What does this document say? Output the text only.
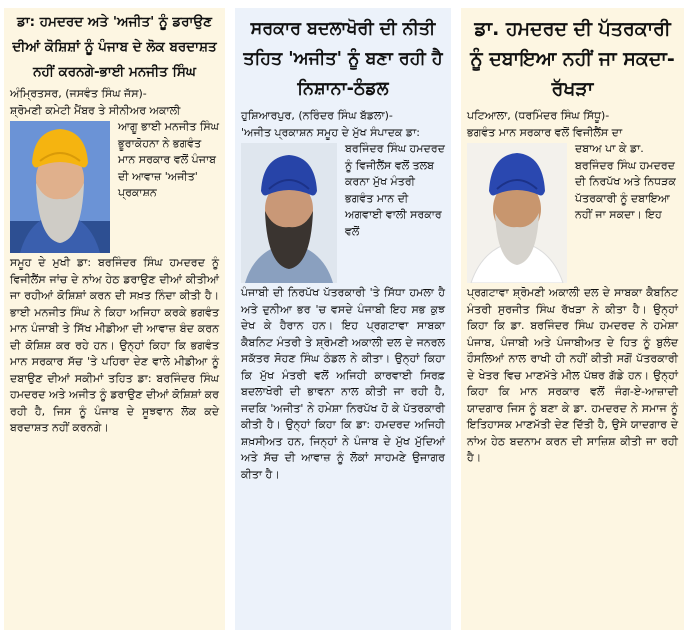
ਡਾ: ਹਮਦਰਦ ਅਤੇ 'ਅਜੀਤ' ਨੂੰ ਡਰਾਉਣ ਦੀਆਂ ਕੋਸ਼ਿਸ਼ਾਂ ਨੂੰ ਪੰਜਾਬ ਦੇ ਲੋਕ ਬਰਦਾਸ਼ਤ ਨਹੀਂ ਕਰਨਗੇ-ਭਾਈ ਮਨਜੀਤ ਸਿੰਘ
ਅੰਮ੍ਰਿਤਸਰ, (ਜਸਵੰਤ ਸਿੰਘ ਜੱਸ)-
ਸ਼੍ਰੋਮਣੀ ਕਮੇਟੀ ਮੈਂਬਰ ਤੇ ਸੀਨੀਅਰ ਅਕਾਲੀ
ਆਗੂ ਭਾਈ ਮਨਜੀਤ ਸਿੰਘ ਭੂਰਾਕੋਹਨਾ ਨੇ ਭਗਵੰਤ ਮਾਨ ਸਰਕਾਰ ਵਲੋਂ ਪੰਜਾਬ ਦੀ ਆਵਾਜ਼ 'ਅਜੀਤ' ਪ੍ਰਕਾਸ਼ਨ
ਸਮੂਹ ਦੇ ਮੁਖੀ ਡਾ: ਬਰਜਿੰਦਰ ਸਿੰਘ ਹਮਦਰਦ ਨੂੰ ਵਿਜੀਲੈਂਸ ਜਾਂਚ ਦੇ ਨਾਂਅ ਹੇਠ ਡਰਾਉਣ ਦੀਆਂ ਕੀਤੀਆਂ ਜਾ ਰਹੀਆਂ ਕੋਸ਼ਿਸ਼ਾਂ ਕਰਨ ਦੀ ਸਖ਼ਤ ਨਿੰਦਾ ਕੀਤੀ ਹੈ। ਭਾਈ ਮਨਜੀਤ ਸਿੰਘ ਨੇ ਕਿਹਾ ਅਜਿਹਾ ਕਰਕੇ ਭਗਵੰਤ ਮਾਨ ਪੰਜਾਬੀ ਤੇ ਸਿੱਖ ਮੀਡੀਆ ਦੀ ਆਵਾਜ਼ ਬੰਦ ਕਰਨ ਦੀ ਕੋਸ਼ਿਸ਼ ਕਰ ਰਹੇ ਹਨ। ਉਨ੍ਹਾਂ ਕਿਹਾ ਕਿ ਭਗਵੰਤ ਮਾਨ ਸਰਕਾਰ ਸੱਚ 'ਤੇ ਪਹਿਰਾ ਦੇਣ ਵਾਲੇ ਮੀਡੀਆ ਨੂੰ ਦਬਾਉਣ ਦੀਆਂ ਸਕੀਮਾਂ ਤਹਿਤ ਡਾ: ਬਰਜਿੰਦਰ ਸਿੰਘ ਹਮਦਰਦ ਅਤੇ ਅਜੀਤ ਨੂੰ ਡਰਾਉਣ ਦੀਆਂ ਕੋਸ਼ਿਸ਼ਾਂ ਕਰ ਰਹੀ ਹੈ, ਜਿਸ ਨੂੰ ਪੰਜਾਬ ਦੇ ਸੂਝਵਾਨ ਲੋਕ ਕਦੇ ਬਰਦਾਸ਼ਤ ਨਹੀਂ ਕਰਨਗੇ।
ਸਰਕਾਰ ਬਦਲਾਖੋਰੀ ਦੀ ਨੀਤੀ ਤਹਿਤ 'ਅਜੀਤ' ਨੂੰ ਬਣਾ ਰਹੀ ਹੈ ਨਿਸ਼ਾਨਾ-ਠੰਡਲ
ਹੁਸ਼ਿਆਰਪੁਰ, (ਨਰਿੰਦਰ ਸਿੰਘ ਬੱਡਲਾ)-
'ਅਜੀਤ ਪ੍ਰਕਾਸ਼ਨ ਸਮੂਹ ਦੇ ਮੁੱਖ ਸੰਪਾਦਕ ਡਾ:
ਬਰਜਿੰਦਰ ਸਿੰਘ ਹਮਦਰਦ ਨੂੰ ਵਿਜੀਲੈਂਸ ਵਲੋਂ ਤਲਬ ਕਰਨਾ ਮੁੱਖ ਮੰਤਰੀ ਭਗਵੰਤ ਮਾਨ ਦੀ ਅਗਵਾਈ ਵਾਲੀ ਸਰਕਾਰ ਵਲੋਂ
ਪੰਜਾਬੀ ਦੀ ਨਿਰਪੱਖ ਪੱਤਰਕਾਰੀ 'ਤੇ ਸਿੱਧਾ ਹਮਲਾ ਹੈ ਅਤੇ ਦੁਨੀਆ ਭਰ 'ਚ ਵਸਦੇ ਪੰਜਾਬੀ ਇਹ ਸਭ ਕੁਝ ਦੇਖ ਕੇ ਹੈਰਾਨ ਹਨ। ਇਹ ਪ੍ਰਗਟਾਵਾ ਸਾਬਕਾ ਕੈਬਨਿਟ ਮੰਤਰੀ ਤੇ ਸ਼੍ਰੋਮਣੀ ਅਕਾਲੀ ਦਲ ਦੇ ਜਨਰਲ ਸਕੱਤਰ ਸੋਹਣ ਸਿੰਘ ਠੰਡਲ ਨੇ ਕੀਤਾ। ਉਨ੍ਹਾਂ ਕਿਹਾ ਕਿ ਮੁੱਖ ਮੰਤਰੀ ਵਲੋਂ ਅਜਿਹੀ ਕਾਰਵਾਈ ਸਿਰਫ਼ ਬਦਲਾਖੋਰੀ ਦੀ ਭਾਵਨਾ ਨਾਲ ਕੀਤੀ ਜਾ ਰਹੀ ਹੈ, ਜਦਕਿ 'ਅਜੀਤ' ਨੇ ਹਮੇਸ਼ਾ ਨਿਰਪੱਖ ਹੋ ਕੇ ਪੱਤਰਕਾਰੀ ਕੀਤੀ ਹੈ। ਉਨ੍ਹਾਂ ਕਿਹਾ ਕਿ ਡਾ: ਹਮਦਰਦ ਅਜਿਹੀ ਸ਼ਖ਼ਸੀਅਤ ਹਨ, ਜਿਨ੍ਹਾਂ ਨੇ ਪੰਜਾਬ ਦੇ ਮੁੱਖ ਮੁੱਦਿਆਂ ਅਤੇ ਸੱਚ ਦੀ ਆਵਾਜ਼ ਨੂੰ ਲੋਕਾਂ ਸਾਹਮਣੇ ਉਜਾਗਰ ਕੀਤਾ ਹੈ।
ਡਾ. ਹਮਦਰਦ ਦੀ ਪੱਤਰਕਾਰੀ ਨੂੰ ਦਬਾਇਆ ਨਹੀਂ ਜਾ ਸਕਦਾ-ਰੱਖੜਾ
ਪਟਿਆਲਾ, (ਧਰਮਿੰਦਰ ਸਿੰਘ ਸਿੱਧੂ)-
ਭਗਵੰਤ ਮਾਨ ਸਰਕਾਰ ਵਲੋਂ ਵਿਜੀਲੈਂਸ ਦਾ
ਦਬਾਅ ਪਾ ਕੇ ਡਾ. ਬਰਜਿੰਦਰ ਸਿੰਘ ਹਮਦਰਦ ਦੀ ਨਿਰਪੱਖ ਅਤੇ ਨਿਧੜਕ ਪੱਤਰਕਾਰੀ ਨੂੰ ਦਬਾਇਆ ਨਹੀਂ ਜਾ ਸਕਦਾ। ਇਹ
ਪ੍ਰਗਟਾਵਾ ਸ਼੍ਰੋਮਣੀ ਅਕਾਲੀ ਦਲ ਦੇ ਸਾਬਕਾ ਕੈਬਨਿਟ ਮੰਤਰੀ ਸੁਰਜੀਤ ਸਿੰਘ ਰੱਖੜਾ ਨੇ ਕੀਤਾ ਹੈ। ਉਨ੍ਹਾਂ ਕਿਹਾ ਕਿ ਡਾ. ਬਰਜਿੰਦਰ ਸਿੰਘ ਹਮਦਰਦ ਨੇ ਹਮੇਸ਼ਾ ਪੰਜਾਬ, ਪੰਜਾਬੀ ਅਤੇ ਪੰਜਾਬੀਅਤ ਦੇ ਹਿਤ ਨੂੰ ਬੁਲੰਦ ਹੌਸਲਿਆਂ ਨਾਲ ਰਾਖੀ ਹੀ ਨਹੀਂ ਕੀਤੀ ਸਗੋਂ ਪੱਤਰਕਾਰੀ ਦੇ ਖੇਤਰ ਵਿਚ ਮਾਣਮੱਤੇ ਮੀਲ ਪੱਥਰ ਗੱਡੇ ਹਨ। ਉਨ੍ਹਾਂ ਕਿਹਾ ਕਿ ਮਾਨ ਸਰਕਾਰ ਵਲੋਂ ਜੰਗ-ਏ-ਆਜ਼ਾਦੀ ਯਾਦਗਾਰ ਜਿਸ ਨੂੰ ਬਣਾ ਕੇ ਡਾ. ਹਮਦਰਦ ਨੇ ਸਮਾਜ ਨੂੰ ਇਤਿਹਾਸਕ ਮਾਣਮੱਤੀ ਦੇਣ ਦਿੱਤੀ ਹੈ, ਉਸੇ ਯਾਦਗਾਰ ਦੇ ਨਾਂਅ ਹੇਠ ਬਦਨਾਮ ਕਰਨ ਦੀ ਸਾਜ਼ਿਸ਼ ਕੀਤੀ ਜਾ ਰਹੀ ਹੈ।
